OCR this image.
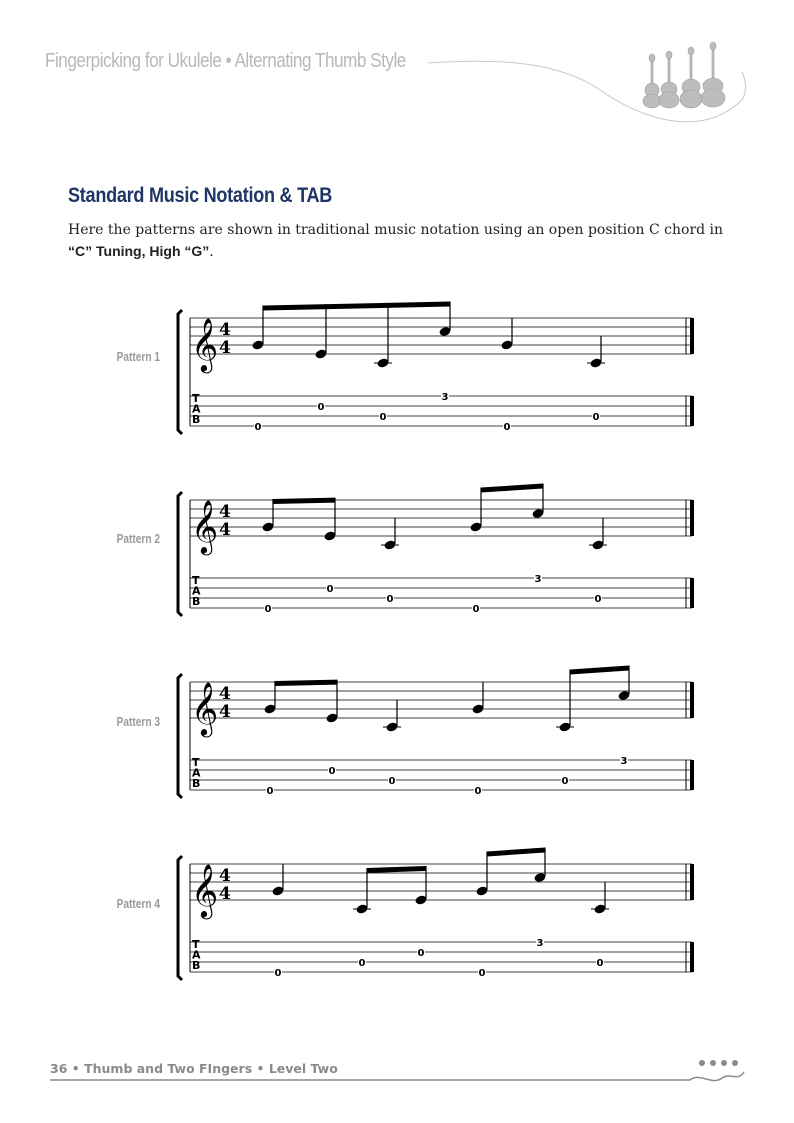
Fingerpicking for Ukulele • Alternating Thumb Style
Standard Music Notation & TAB
Here the patterns are shown in traditional music notation using an open position C chord in “C” Tuning, High “G”.
Pattern 1
Pattern 2
Pattern 3
Pattern 4
𝄞 4
4
T
A
B
0
0
0
3
0
0
𝄞 4
4
T
A
B
0
0
0
0
3
0
𝄞 4
4
T
A
B
0
0
0
0
0
3
𝄞 4
4
T
A
B
0
0
0
0
3
0
36 • Thumb and Two FIngers • Level Two
